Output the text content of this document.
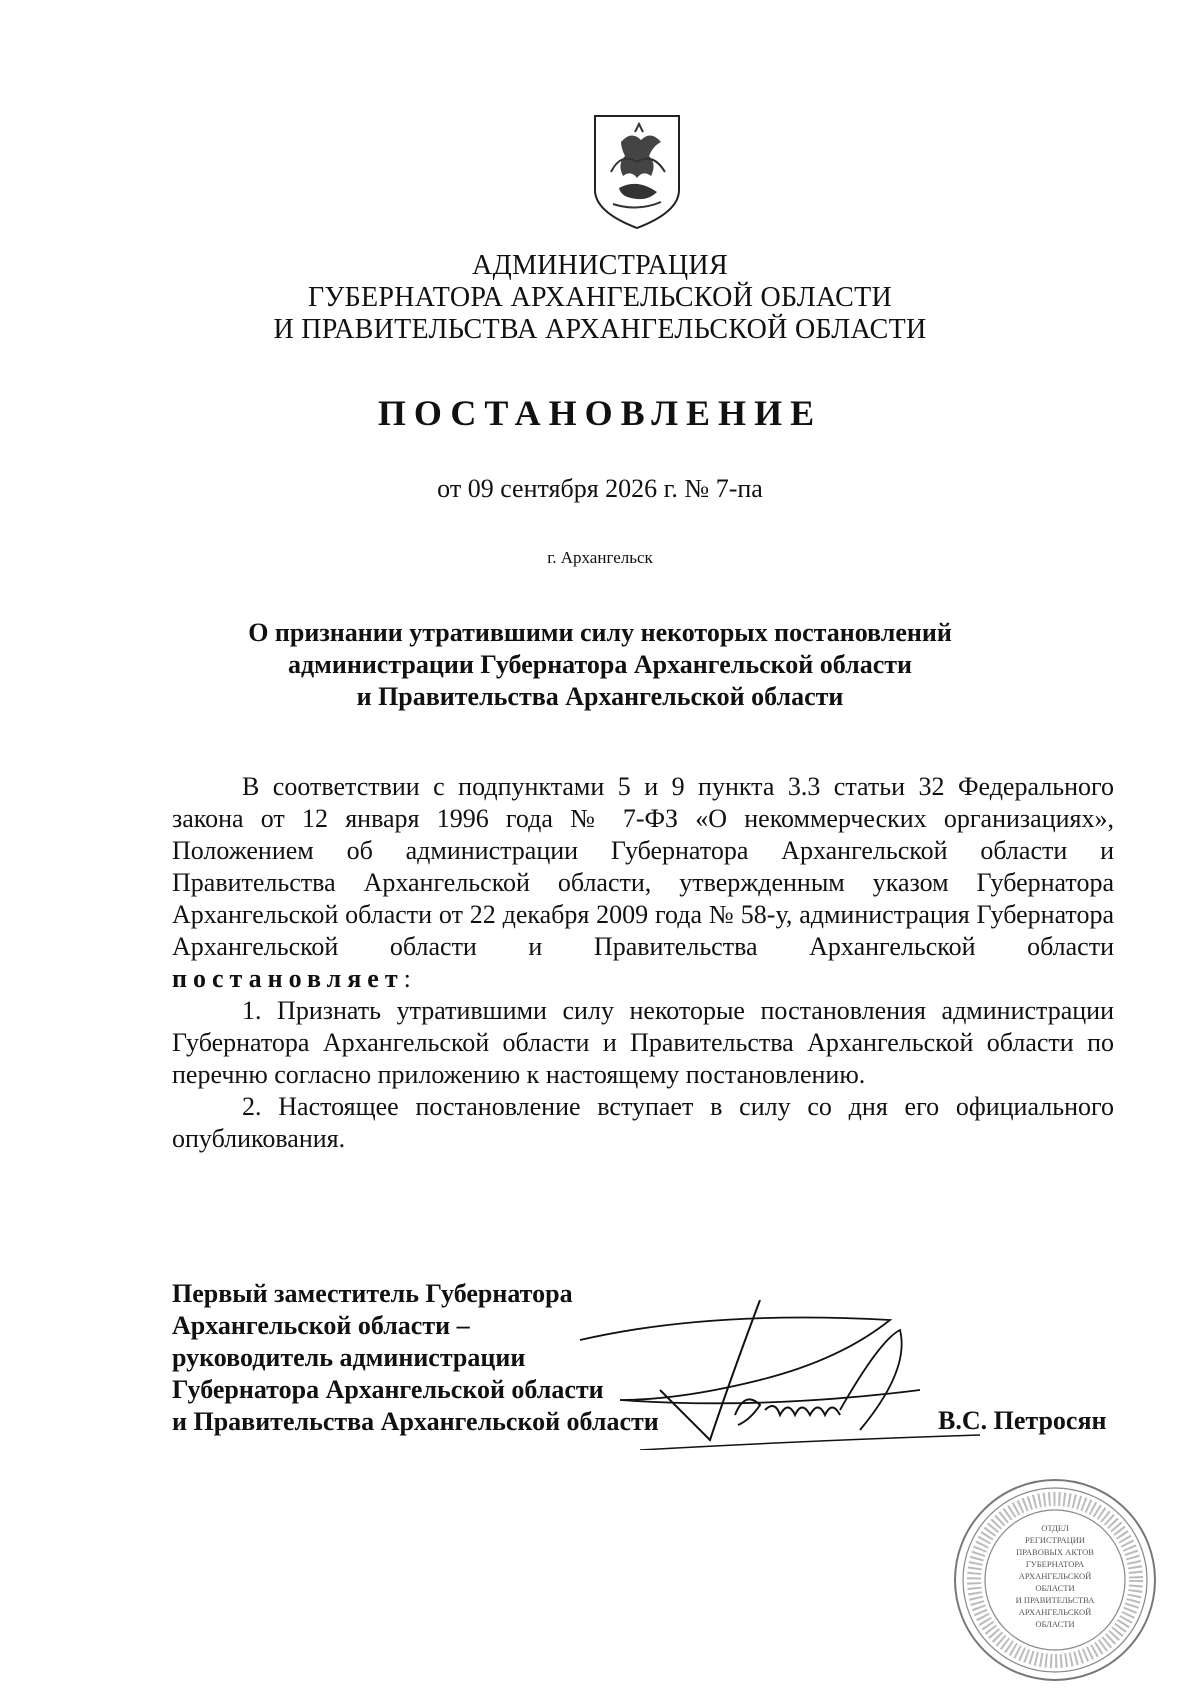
АДМИНИСТРАЦИЯ
ГУБЕРНАТОРА АРХАНГЕЛЬСКОЙ ОБЛАСТИ
И ПРАВИТЕЛЬСТВА АРХАНГЕЛЬСКОЙ ОБЛАСТИ
ПОСТАНОВЛЕНИЕ
от 09 сентября 2026 г. № 7-па
г. Архангельск
О признании утратившими силу некоторых постановлений
администрации Губернатора Архангельской области
и Правительства Архангельской области

В соответствии с подпунктами 5 и 9 пункта 3.3 статьи 32 Федерального закона от 12 января 1996 года № 7-ФЗ «О некоммерческих организациях», Положением об администрации Губернатора Архангельской области и Правительства Архангельской области, утвержденным указом Губернатора Архангельской области от 22 декабря 2009 года № 58-у, администрация Губернатора Архангельской области и Правительства Архангельской области постановляет:

1. Признать утратившими силу некоторые постановления администрации Губернатора Архангельской области и Правительства Архангельской области по перечню согласно приложению к настоящему постановлению.

2. Настоящее постановление вступает в силу со дня его официального опубликования.

Первый заместитель Губернатора
Архангельской области –
руководитель администрации
Губернатора Архангельской области
и Правительства Архангельской области	В.С. Петросян
ОТДЕЛ
РЕГИСТРАЦИИ
ПРАВОВЫХ АКТОВ
ГУБЕРНАТОРА
АРХАНГЕЛЬСКОЙ
ОБЛАСТИ
И ПРАВИТЕЛЬСТВА
АРХАНГЕЛЬСКОЙ
ОБЛАСТИ
